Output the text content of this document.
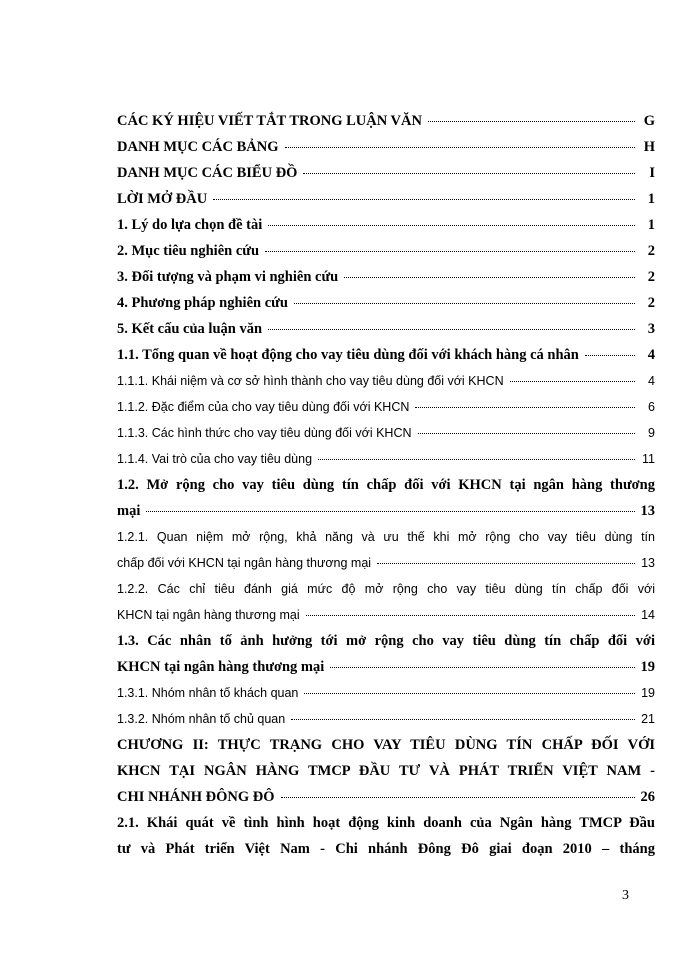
CÁC KÝ HIỆU VIẾT TẮT TRONG LUẬN VĂN	G
DANH MỤC CÁC BẢNG	H
DANH MỤC CÁC BIỂU ĐỒ	I
LỜI MỞ ĐẦU	1
1. Lý do lựa chọn đề tài	1
2. Mục tiêu nghiên cứu	2
3. Đối tượng và phạm vi nghiên cứu	2
4. Phương pháp nghiên cứu	2
5. Kết cấu của luận văn	3
1.1. Tổng quan về hoạt động cho vay tiêu dùng đối với khách hàng cá nhân	4
1.1.1. Khái niệm và cơ sở hình thành cho vay tiêu dùng đối với KHCN	4
1.1.2. Đặc điểm của cho vay tiêu dùng đối với KHCN	6
1.1.3. Các hình thức cho vay tiêu dùng đối với KHCN	9
1.1.4. Vai trò của cho vay tiêu dùng	11
1.2. Mở rộng cho vay tiêu dùng tín chấp đối với KHCN tại ngân hàng thương
mại	13
1.2.1. Quan niệm mở rộng, khả năng và ưu thế khi mở rộng cho vay tiêu dùng tín
chấp đối với KHCN tại ngân hàng thương mại	13
1.2.2. Các chỉ tiêu đánh giá mức độ mở rộng cho vay tiêu dùng tín chấp đối với
KHCN tại ngân hàng thương mại	14
1.3. Các nhân tố ảnh hưởng tới mở rộng cho vay tiêu dùng tín chấp đối với
KHCN tại ngân hàng thương mại	19
1.3.1. Nhóm nhân tố khách quan	19
1.3.2. Nhóm nhân tố chủ quan	21
CHƯƠNG II: THỰC TRẠNG CHO VAY TIÊU DÙNG TÍN CHẤP ĐỐI VỚI
KHCN TẠI NGÂN HÀNG TMCP ĐẦU TƯ VÀ PHÁT TRIỂN VIỆT NAM -
CHI NHÁNH ĐÔNG ĐÔ	26
2.1. Khái quát về tình hình hoạt động kinh doanh của Ngân hàng TMCP Đầu
tư và Phát triển Việt Nam - Chi nhánh Đông Đô giai đoạn 2010 – tháng
3
